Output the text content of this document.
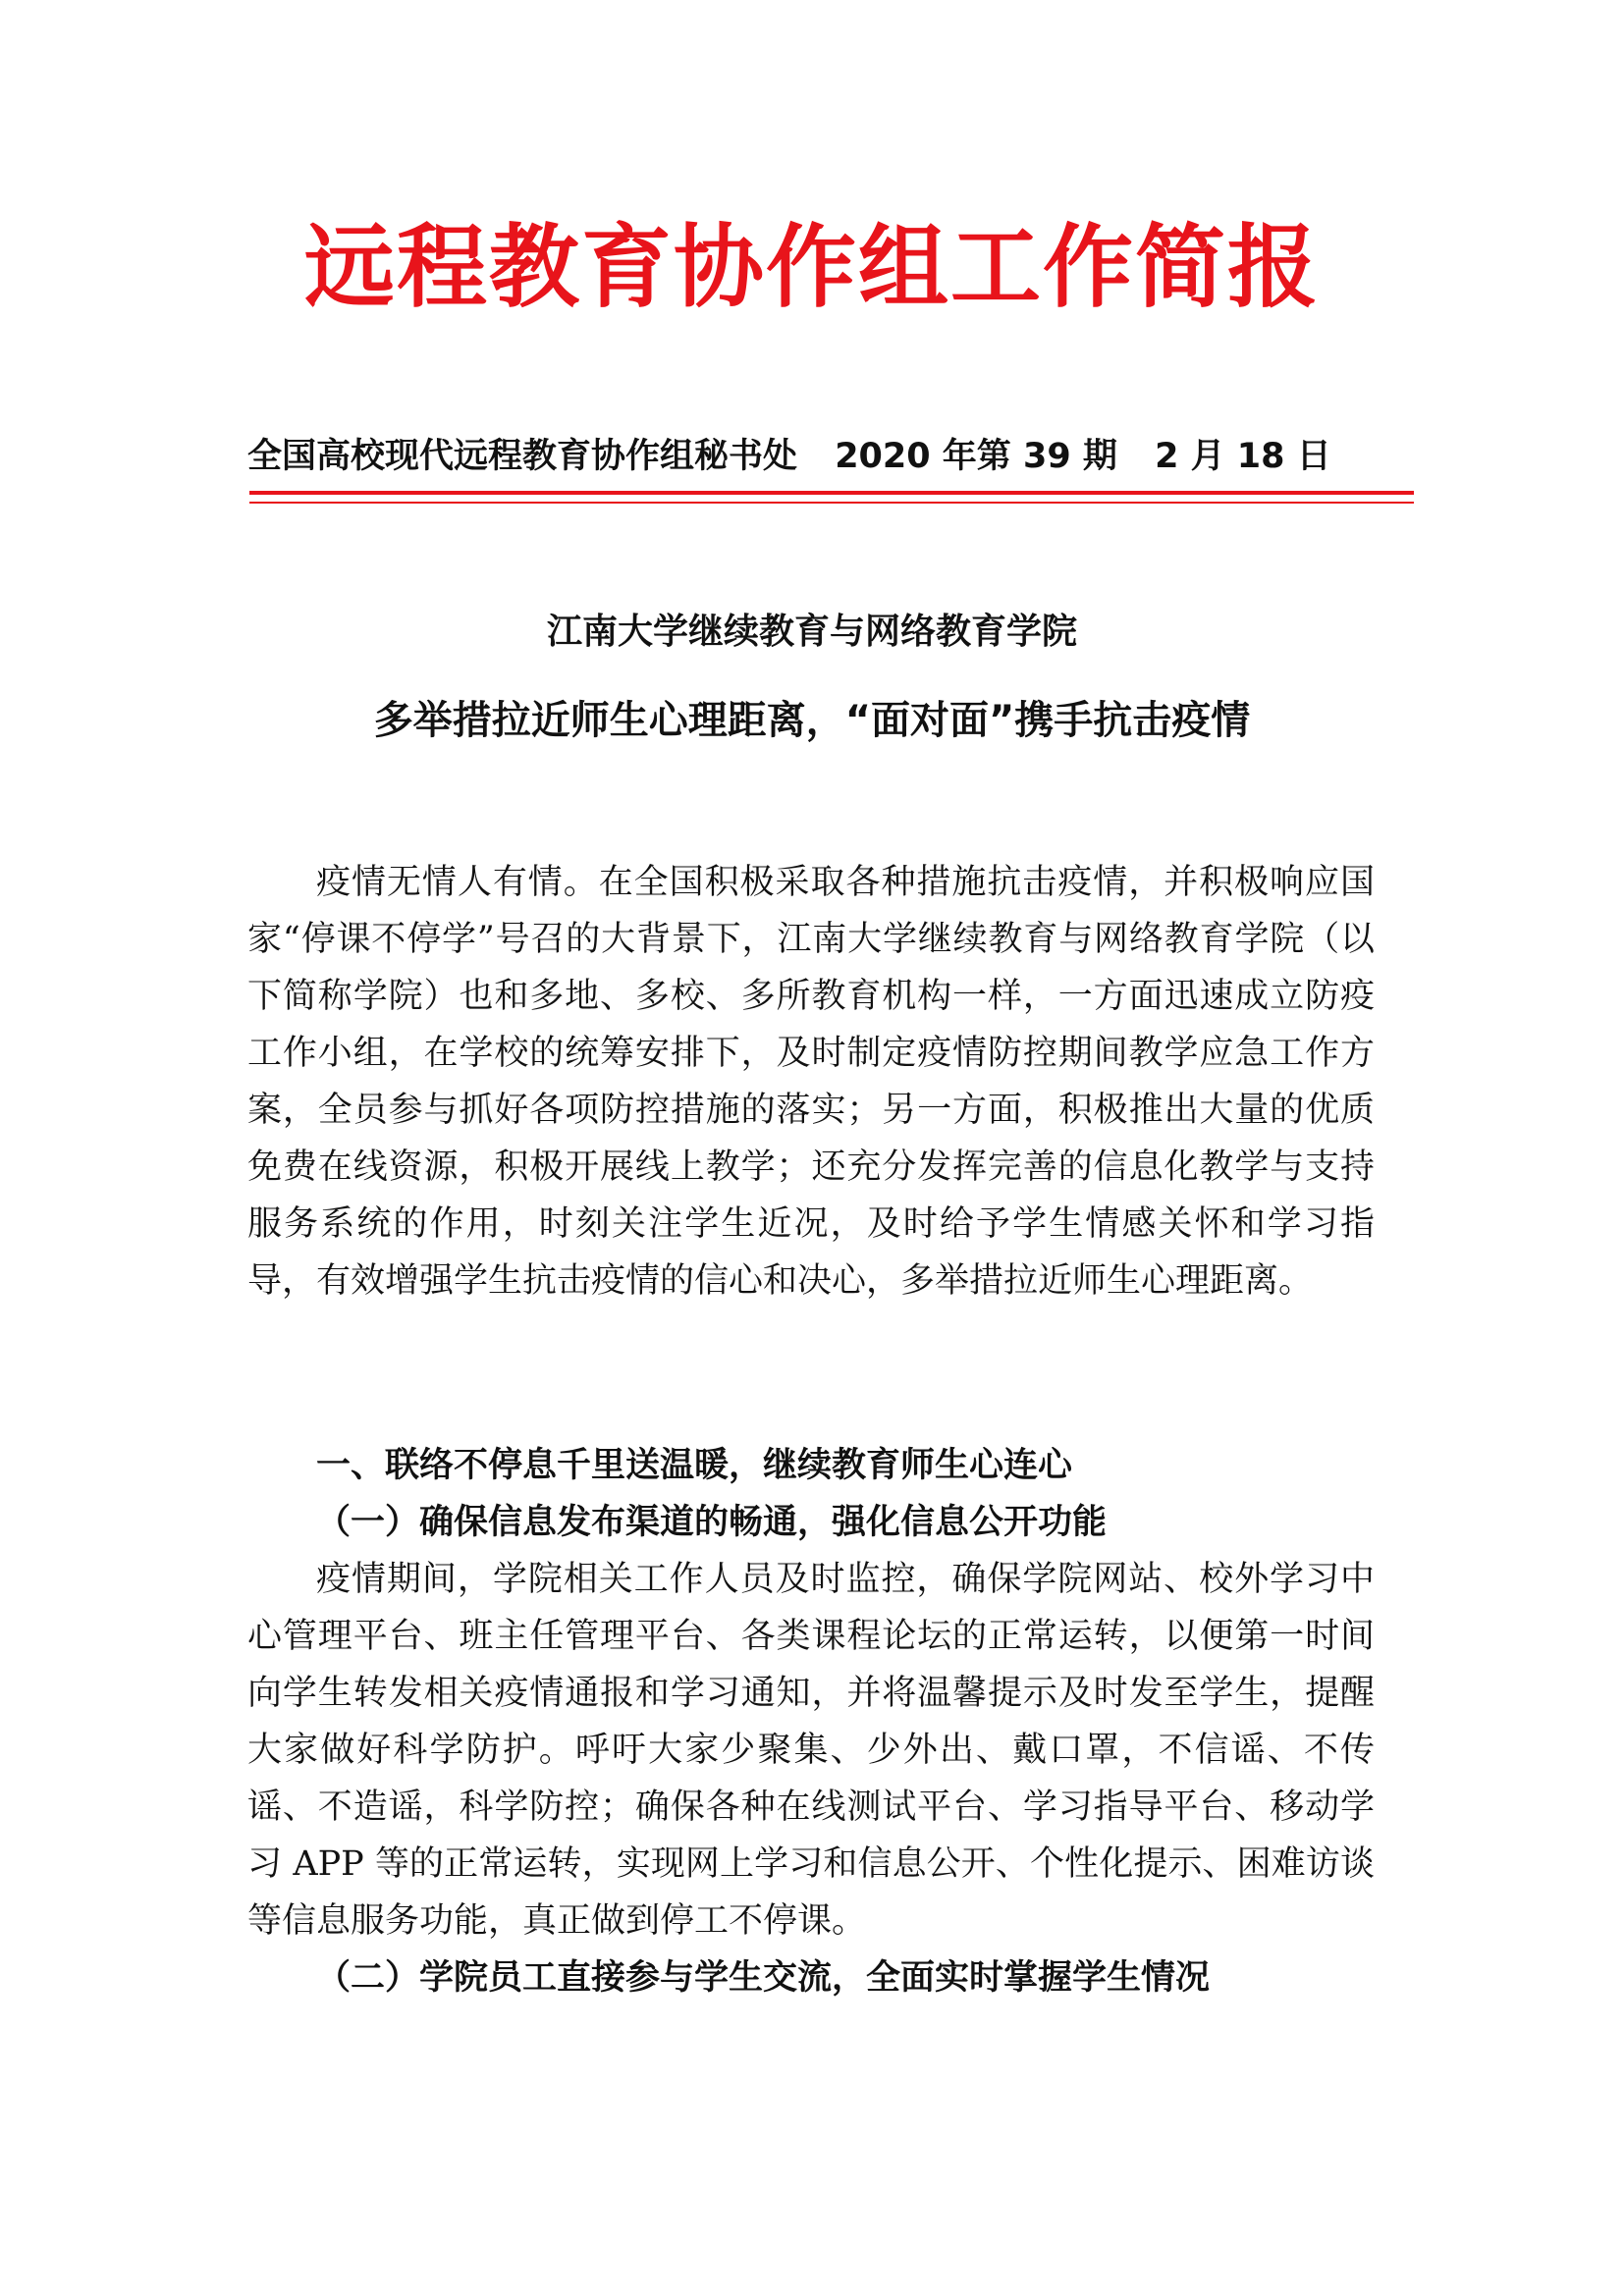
远程教育协作组工作简报
全国高校现代远程教育协作组秘书处 2020 年第 39 期 2 月 18 日
江南大学继续教育与网络教育学院
多举措拉近师生心理距离，“面对面”携手抗击疫情

疫情无情人有情。在全国积极采取各种措施抗击疫情，并积极响应国家“停课不停学”号召的大背景下，江南大学继续教育与网络教育学院（以下简称学院）也和多地、多校、多所教育机构一样，一方面迅速成立防疫工作小组，在学校的统筹安排下，及时制定疫情防控期间教学应急工作方案，全员参与抓好各项防控措施的落实；另一方面，积极推出大量的优质免费在线资源，积极开展线上教学；还充分发挥完善的信息化教学与支持服务系统的作用，时刻关注学生近况，及时给予学生情感关怀和学习指导，有效增强学生抗击疫情的信心和决心，多举措拉近师生心理距离。

一、联络不停息千里送温暖，继续教育师生心连心

（一）确保信息发布渠道的畅通，强化信息公开功能

疫情期间，学院相关工作人员及时监控，确保学院网站、校外学习中心管理平台、班主任管理平台、各类课程论坛的正常运转，以便第一时间向学生转发相关疫情通报和学习通知，并将温馨提示及时发至学生，提醒大家做好科学防护。呼吁大家少聚集、少外出、戴口罩，不信谣、不传谣、不造谣，科学防控；确保各种在线测试平台、学习指导平台、移动学习 APP 等的正常运转，实现网上学习和信息公开、个性化提示、困难访谈等信息服务功能，真正做到停工不停课。

（二）学院员工直接参与学生交流，全面实时掌握学生情况
